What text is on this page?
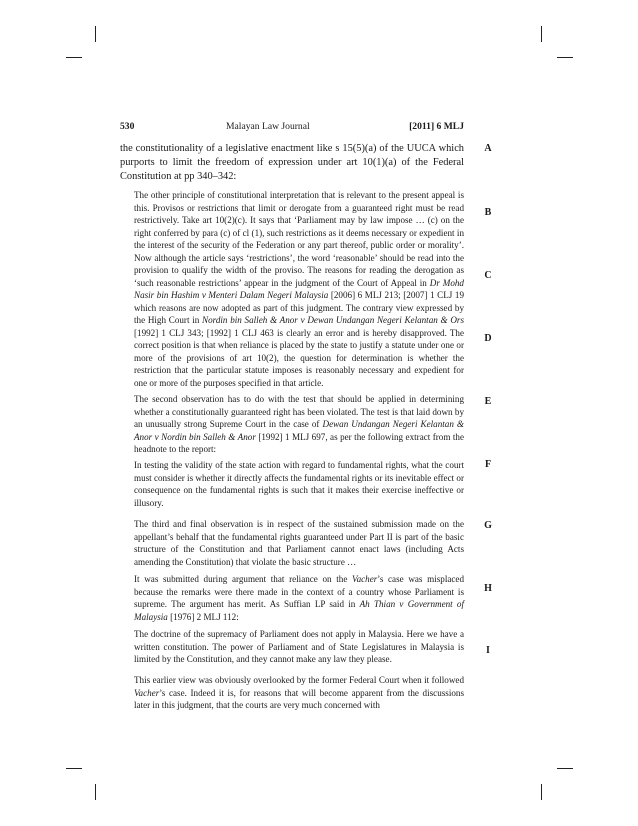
530	Malayan Law Journal	[2011] 6 MLJ
A
B
C
D
E
F
G
H
I

the constitutionality of a legislative enactment like s 15(5)(a) of the UUCA which purports to limit the freedom of expression under art 10(1)(a) of the Federal Constitution at pp 340–342:

The other principle of constitutional interpretation that is relevant to the present appeal is this. Provisos or restrictions that limit or derogate from a guaranteed right must be read restrictively. Take art 10(2)(c). It says that ‘Parliament may by law impose … (c) on the right conferred by para (c) of cl (1), such restrictions as it deems necessary or expedient in the interest of the security of the Federation or any part thereof, public order or morality’. Now although the article says ‘restrictions’, the word ‘reasonable’ should be read into the provision to qualify the width of the proviso. The reasons for reading the derogation as ‘such reasonable restrictions’ appear in the judgment of the Court of Appeal in Dr Mohd Nasir bin Hashim v Menteri Dalam Negeri Malaysia [2006] 6 MLJ 213; [2007] 1 CLJ 19 which reasons are now adopted as part of this judgment. The contrary view expressed by the High Court in Nordin bin Salleh & Anor v Dewan Undangan Negeri Kelantan & Ors [1992] 1 CLJ 343; [1992] 1 CLJ 463 is clearly an error and is hereby disapproved. The correct position is that when reliance is placed by the state to justify a statute under one or more of the provisions of art 10(2), the question for determination is whether the restriction that the particular statute imposes is reasonably necessary and expedient for one or more of the purposes specified in that article.

The second observation has to do with the test that should be applied in determining whether a constitutionally guaranteed right has been violated. The test is that laid down by an unusually strong Supreme Court in the case of Dewan Undangan Negeri Kelantan & Anor v Nordin bin Salleh & Anor [1992] 1 MLJ 697, as per the following extract from the headnote to the report:

In testing the validity of the state action with regard to fundamental rights, what the court must consider is whether it directly affects the fundamental rights or its inevitable effect or consequence on the fundamental rights is such that it makes their exercise ineffective or illusory.

The third and final observation is in respect of the sustained submission made on the appellant’s behalf that the fundamental rights guaranteed under Part II is part of the basic structure of the Constitution and that Parliament cannot enact laws (including Acts amending the Constitution) that violate the basic structure …

It was submitted during argument that reliance on the Vacher’s case was misplaced because the remarks were there made in the context of a country whose Parliament is supreme. The argument has merit. As Suffian LP said in Ah Thian v Government of Malaysia [1976] 2 MLJ 112:

The doctrine of the supremacy of Parliament does not apply in Malaysia. Here we have a written constitution. The power of Parliament and of State Legislatures in Malaysia is limited by the Constitution, and they cannot make any law they please.

This earlier view was obviously overlooked by the former Federal Court when it followed Vacher’s case. Indeed it is, for reasons that will become apparent from the discussions later in this judgment, that the courts are very much concerned with
